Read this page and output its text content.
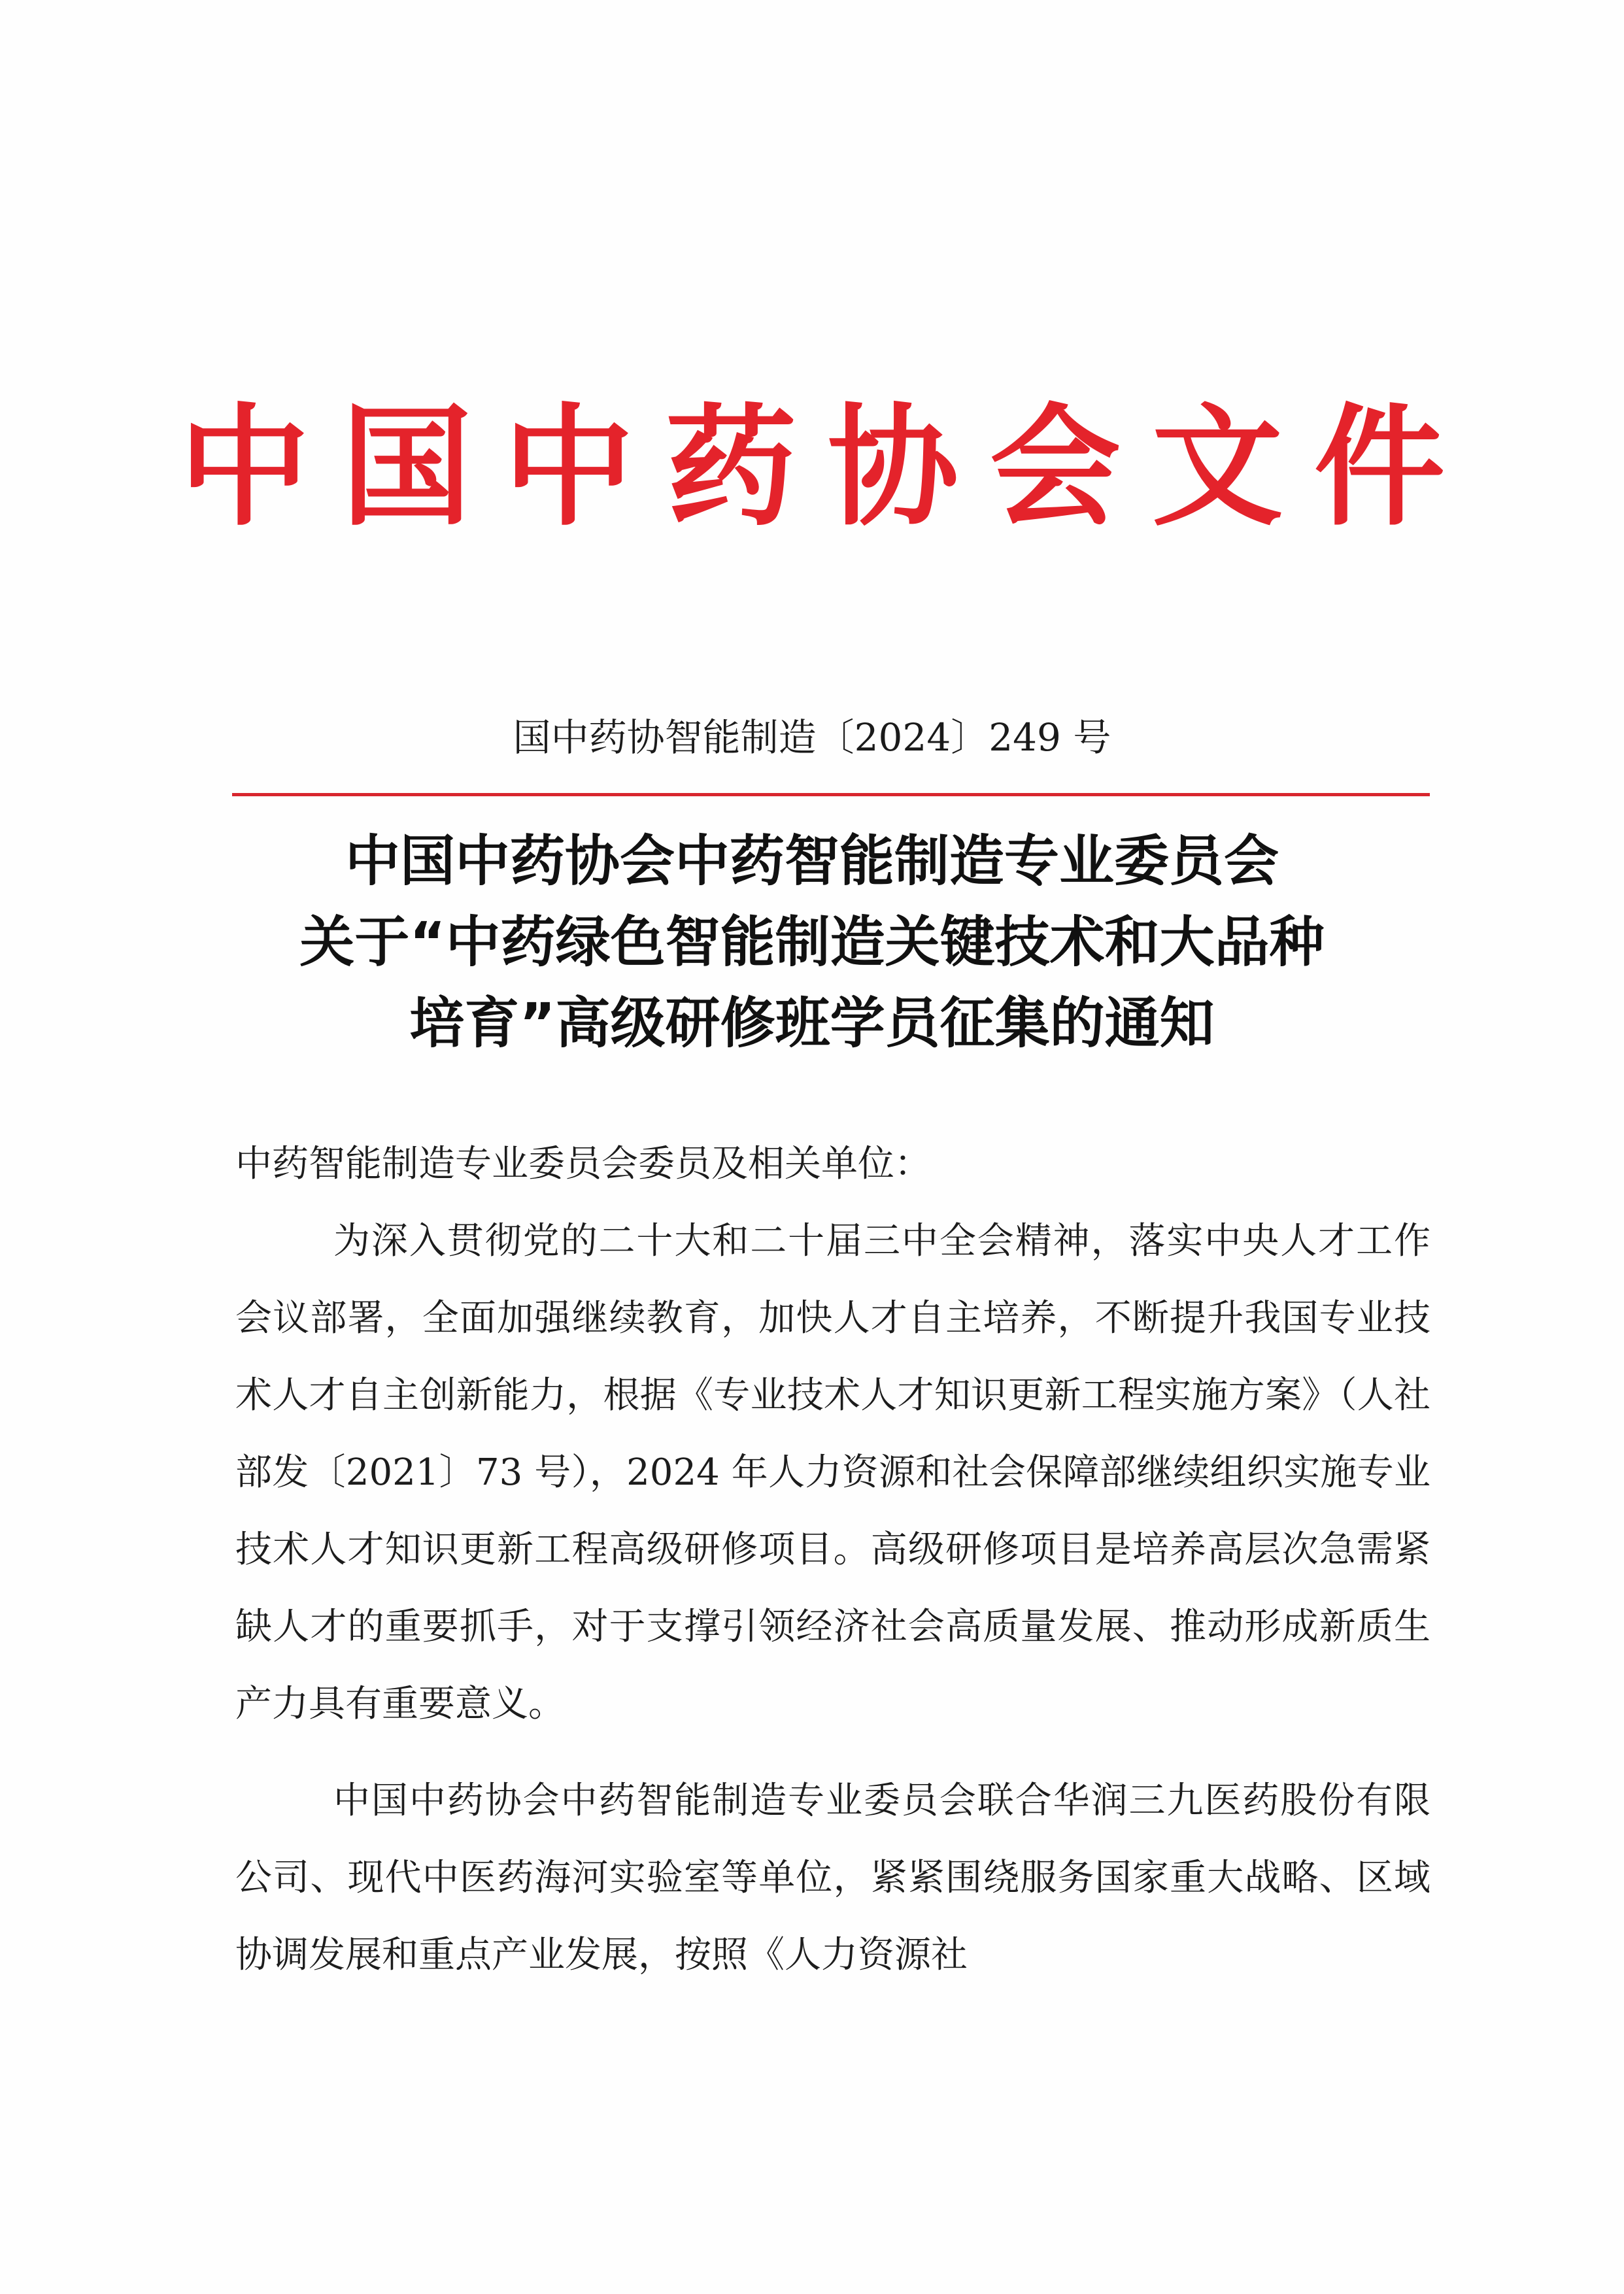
中国中药协会文件
国中药协智能制造〔2024〕249 号
中国中药协会中药智能制造专业委员会
关于“中药绿色智能制造关键技术和大品种
培育”高级研修班学员征集的通知

中药智能制造专业委员会委员及相关单位：

为深入贯彻党的二十大和二十届三中全会精神，落实中央人才工作会议部署，全面加强继续教育，加快人才自主培养，不断提升我国专业技术人才自主创新能力，根据《专业技术人才知识更新工程实施方案》（人社部发〔2021〕73 号），2024 年人力资源和社会保障部继续组织实施专业技术人才知识更新工程高级研修项目。高级研修项目是培养高层次急需紧缺人才的重要抓手，对于支撑引领经济社会高质量发展、推动形成新质生产力具有重要意义。

中国中药协会中药智能制造专业委员会联合华润三九医药股份有限公司、现代中医药海河实验室等单位，紧紧围绕服务国家重大战略、区域协调发展和重点产业发展，按照《人力资源社
